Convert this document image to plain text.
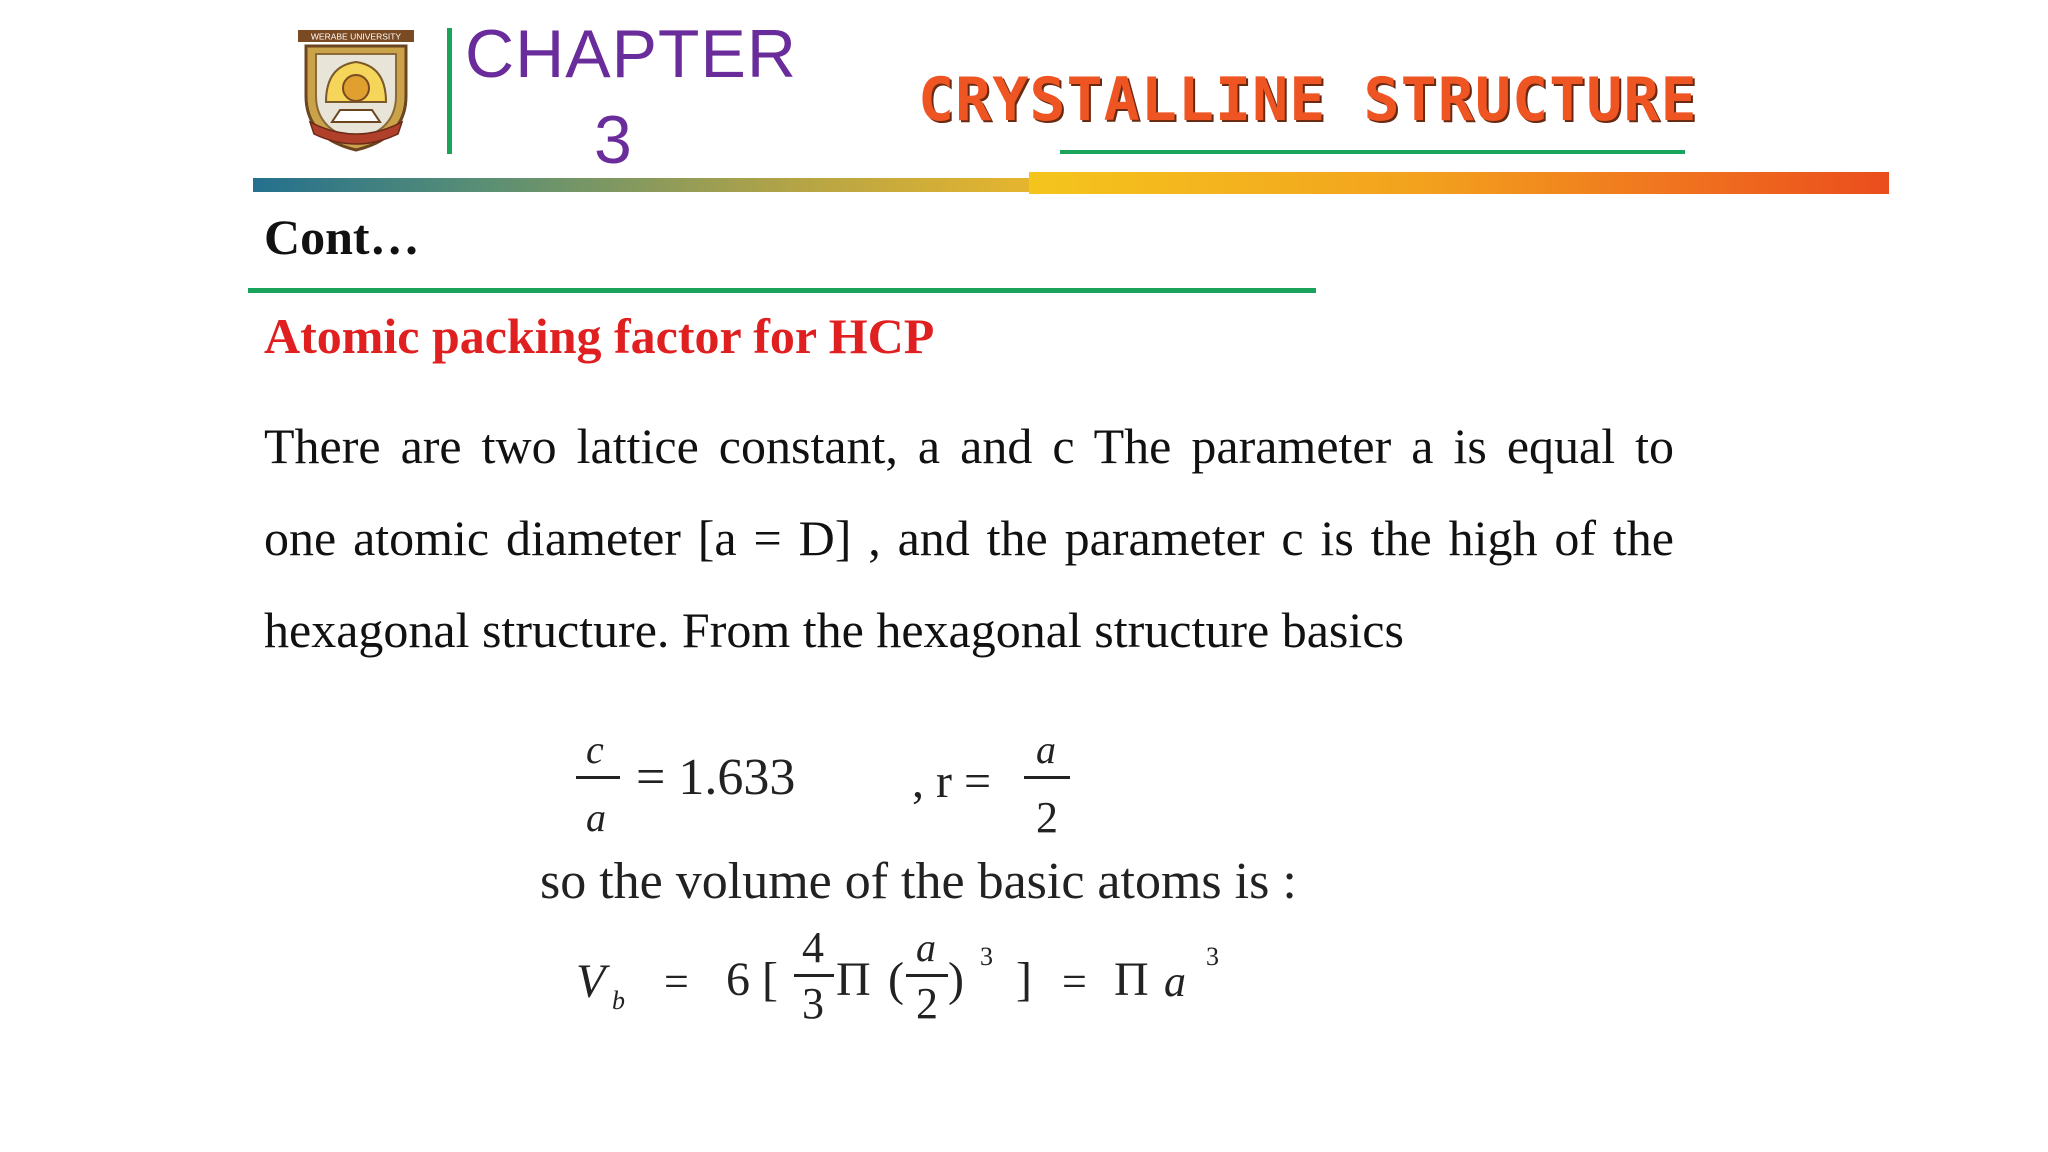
WERABE UNIVERSITY CHAPTER
3
CRYSTALLINE STRUCTURE
Cont…
Atomic packing factor for HCP
There are two lattice constant, a and c The parameter a is equal to
one atomic diameter [a = D] , and the parameter c is the high of the
hexagonal structure. From the hexagonal structure basics
c
a
= 1.633 , r =
a
2
so the volume of the basic atoms is :
V b = 6 [
4
3 Π (
a
2 ) 3 ] = Π a
3
